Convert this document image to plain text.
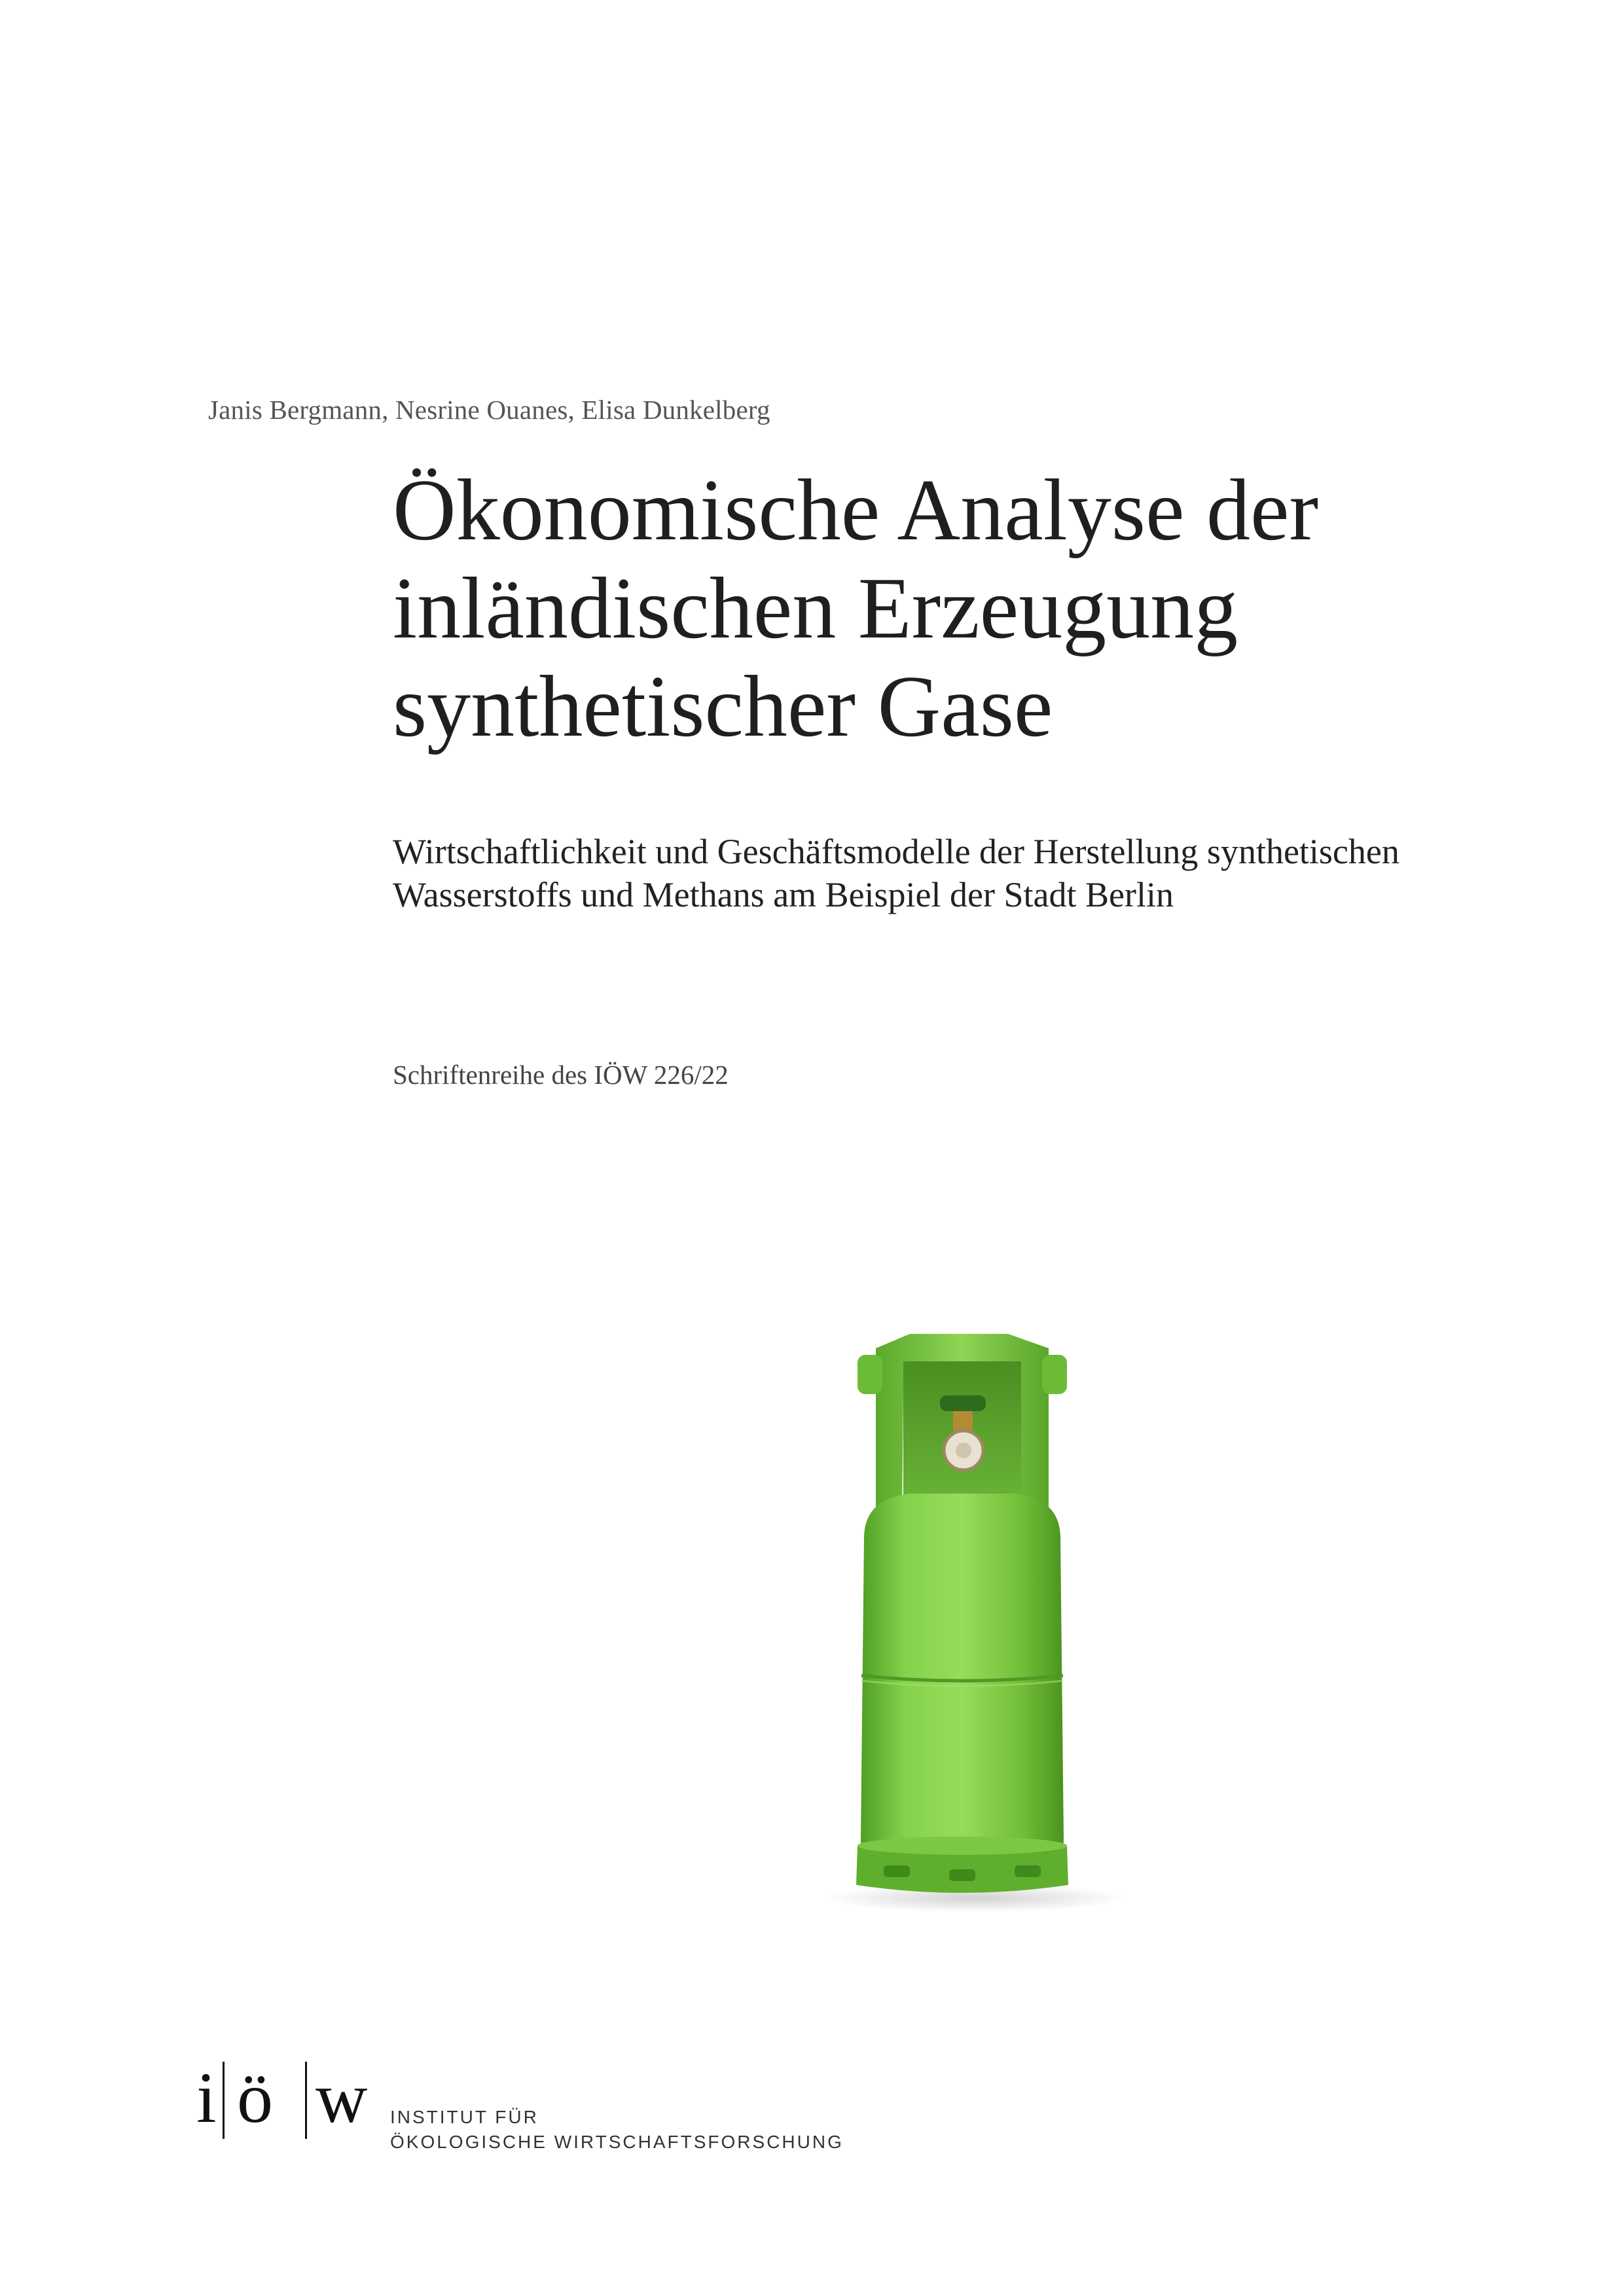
Janis Bergmann, Nesrine Ouanes, Elisa Dunkelberg
Ökonomische Analyse der
inländischen Erzeugung
synthetischer Gase
Wirtschaftlichkeit und Geschäftsmodelle der Herstellung synthetischen
Wasserstoffs und Methans am Beispiel der Stadt Berlin
Schriftenreihe des IÖW 226/22
i ö w INSTITUT FÜR
ÖKOLOGISCHE WIRTSCHAFTSFORSCHUNG
